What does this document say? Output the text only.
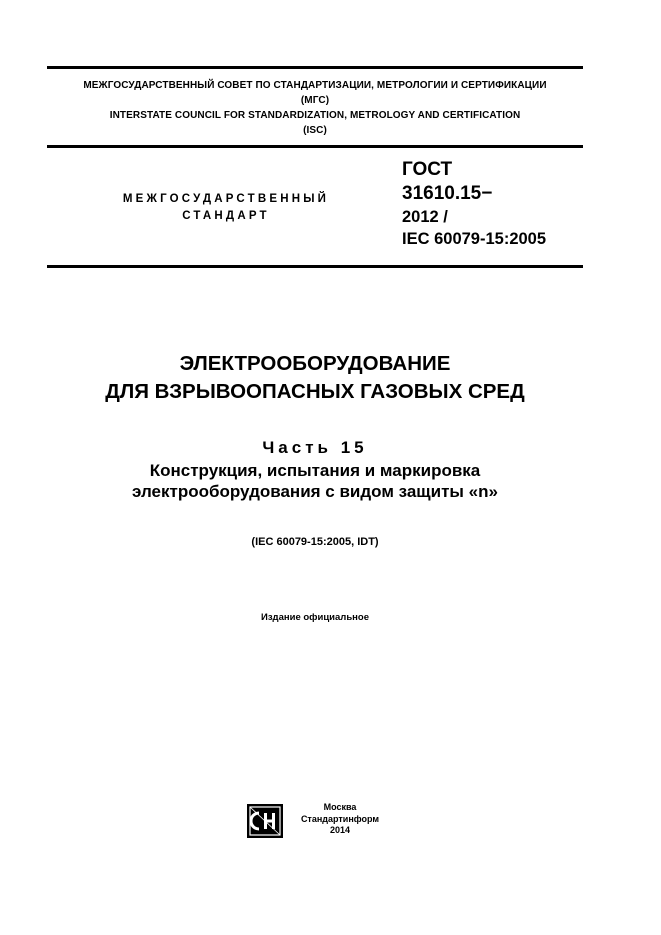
МЕЖГОСУДАРСТВЕННЫЙ СОВЕТ ПО СТАНДАРТИЗАЦИИ, МЕТРОЛОГИИ И СЕРТИФИКАЦИИ
(МГС)
INTERSTATE COUNCIL FOR STANDARDIZATION, METROLOGY AND CERTIFICATION
(ISC)
МЕЖГОСУДАРСТВЕННЫЙ
СТАНДАРТ
ГОСТ
31610.15−
2012 /
IEC 60079-15:2005
ЭЛЕКТРООБОРУДОВАНИЕ
ДЛЯ ВЗРЫВООПАСНЫХ ГАЗОВЫХ СРЕД
Часть 15
Конструкция, испытания и маркировка
электрооборудования с видом защиты «n»
(IEC 60079-15:2005, IDT)
Издание официальное
Москва
Стандартинформ
2014
